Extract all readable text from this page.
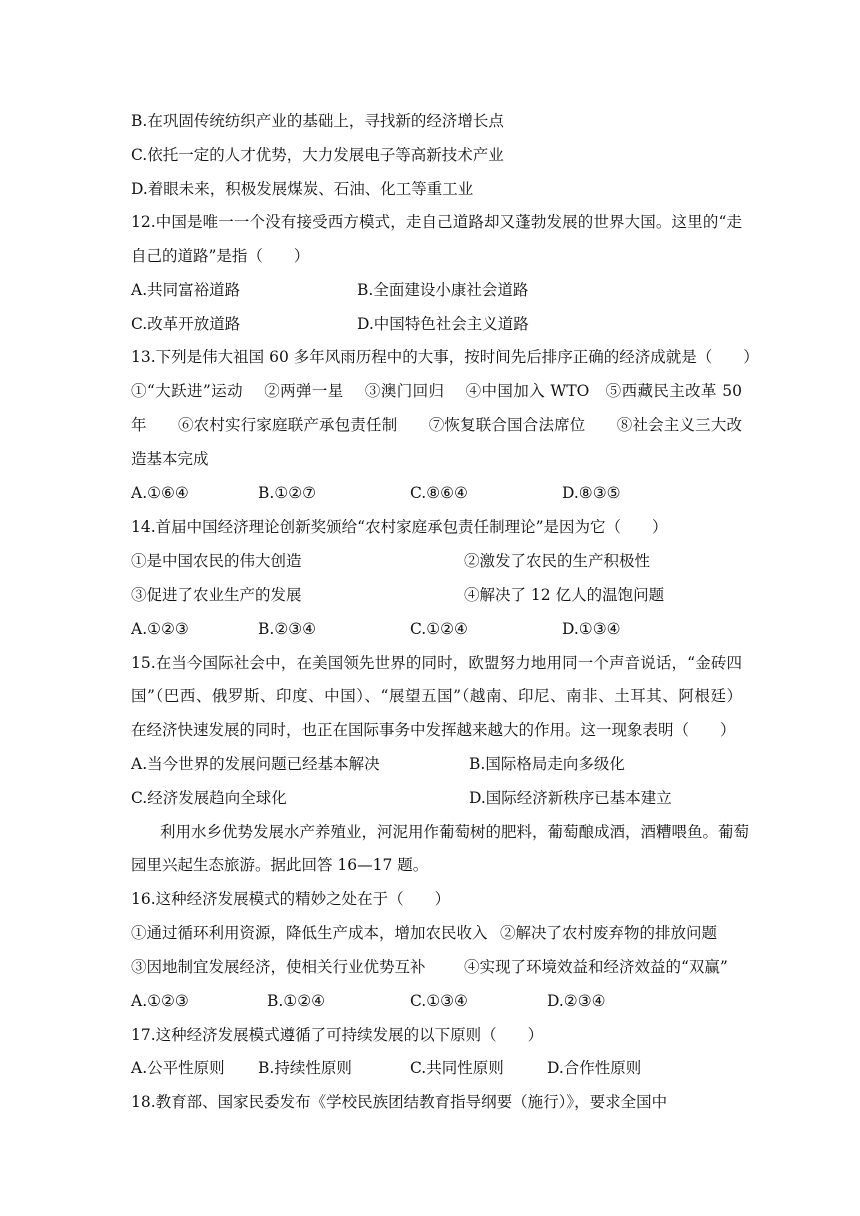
B.在巩固传统纺织产业的基础上，寻找新的经济增长点
C.依托一定的人才优势，大力发展电子等高新技术产业
D.着眼未来，积极发展煤炭、石油、化工等重工业
12.中国是唯一一个没有接受西方模式，走自己道路却又蓬勃发展的世界大国。这里的“走
自己的道路”是指（　　）
A.共同富裕道路	B.全面建设小康社会道路
C.改革开放道路	D.中国特色社会主义道路
13.下列是伟大祖国 60 多年风雨历程中的大事，按时间先后排序正确的经济成就是（　　）
①“大跃进”运动　 ②两弹一星　 ③澳门回归　 ④中国加入 WTO　⑤西藏民主改革 50
年　　⑥农村实行家庭联产承包责任制　　⑦恢复联合国合法席位　　⑧社会主义三大改
造基本完成
A.①⑥④	B.①②⑦	C.⑧⑥④	D.⑧③⑤
14.首届中国经济理论创新奖颁给“农村家庭承包责任制理论”是因为它（　　）
①是中国农民的伟大创造	②激发了农民的生产积极性
③促进了农业生产的发展	④解决了 12 亿人的温饱问题
A.①②③	B.②③④	C.①②④	D.①③④
15.在当今国际社会中，在美国领先世界的同时，欧盟努力地用同一个声音说话，“金砖四
国”（巴西、俄罗斯、印度、中国）、“展望五国”（越南、印尼、南非、土耳其、阿根廷）
在经济快速发展的同时，也正在国际事务中发挥越来越大的作用。这一现象表明（　　）
A.当今世界的发展问题已经基本解决	B.国际格局走向多级化
C.经济发展趋向全球化	D.国际经济新秩序已基本建立
利用水乡优势发展水产养殖业，河泥用作葡萄树的肥料，葡萄酿成酒，酒糟喂鱼。葡萄
园里兴起生态旅游。据此回答 16—17 题。
16.这种经济发展模式的精妙之处在于（　　）
①通过循环利用资源，降低生产成本，增加农民收入 ②解决了农村废弃物的排放问题
③因地制宜发展经济，使相关行业优势互补 ④实现了环境效益和经济效益的“双赢”
A.①②③	B.①②④	C.①③④	D.②③④
17.这种经济发展模式遵循了可持续发展的以下原则（　　）
A.公平性原则 B.持续性原则	C.共同性原则	D.合作性原则
18.教育部、国家民委发布《学校民族团结教育指导纲要（施行）》，要求全国中
